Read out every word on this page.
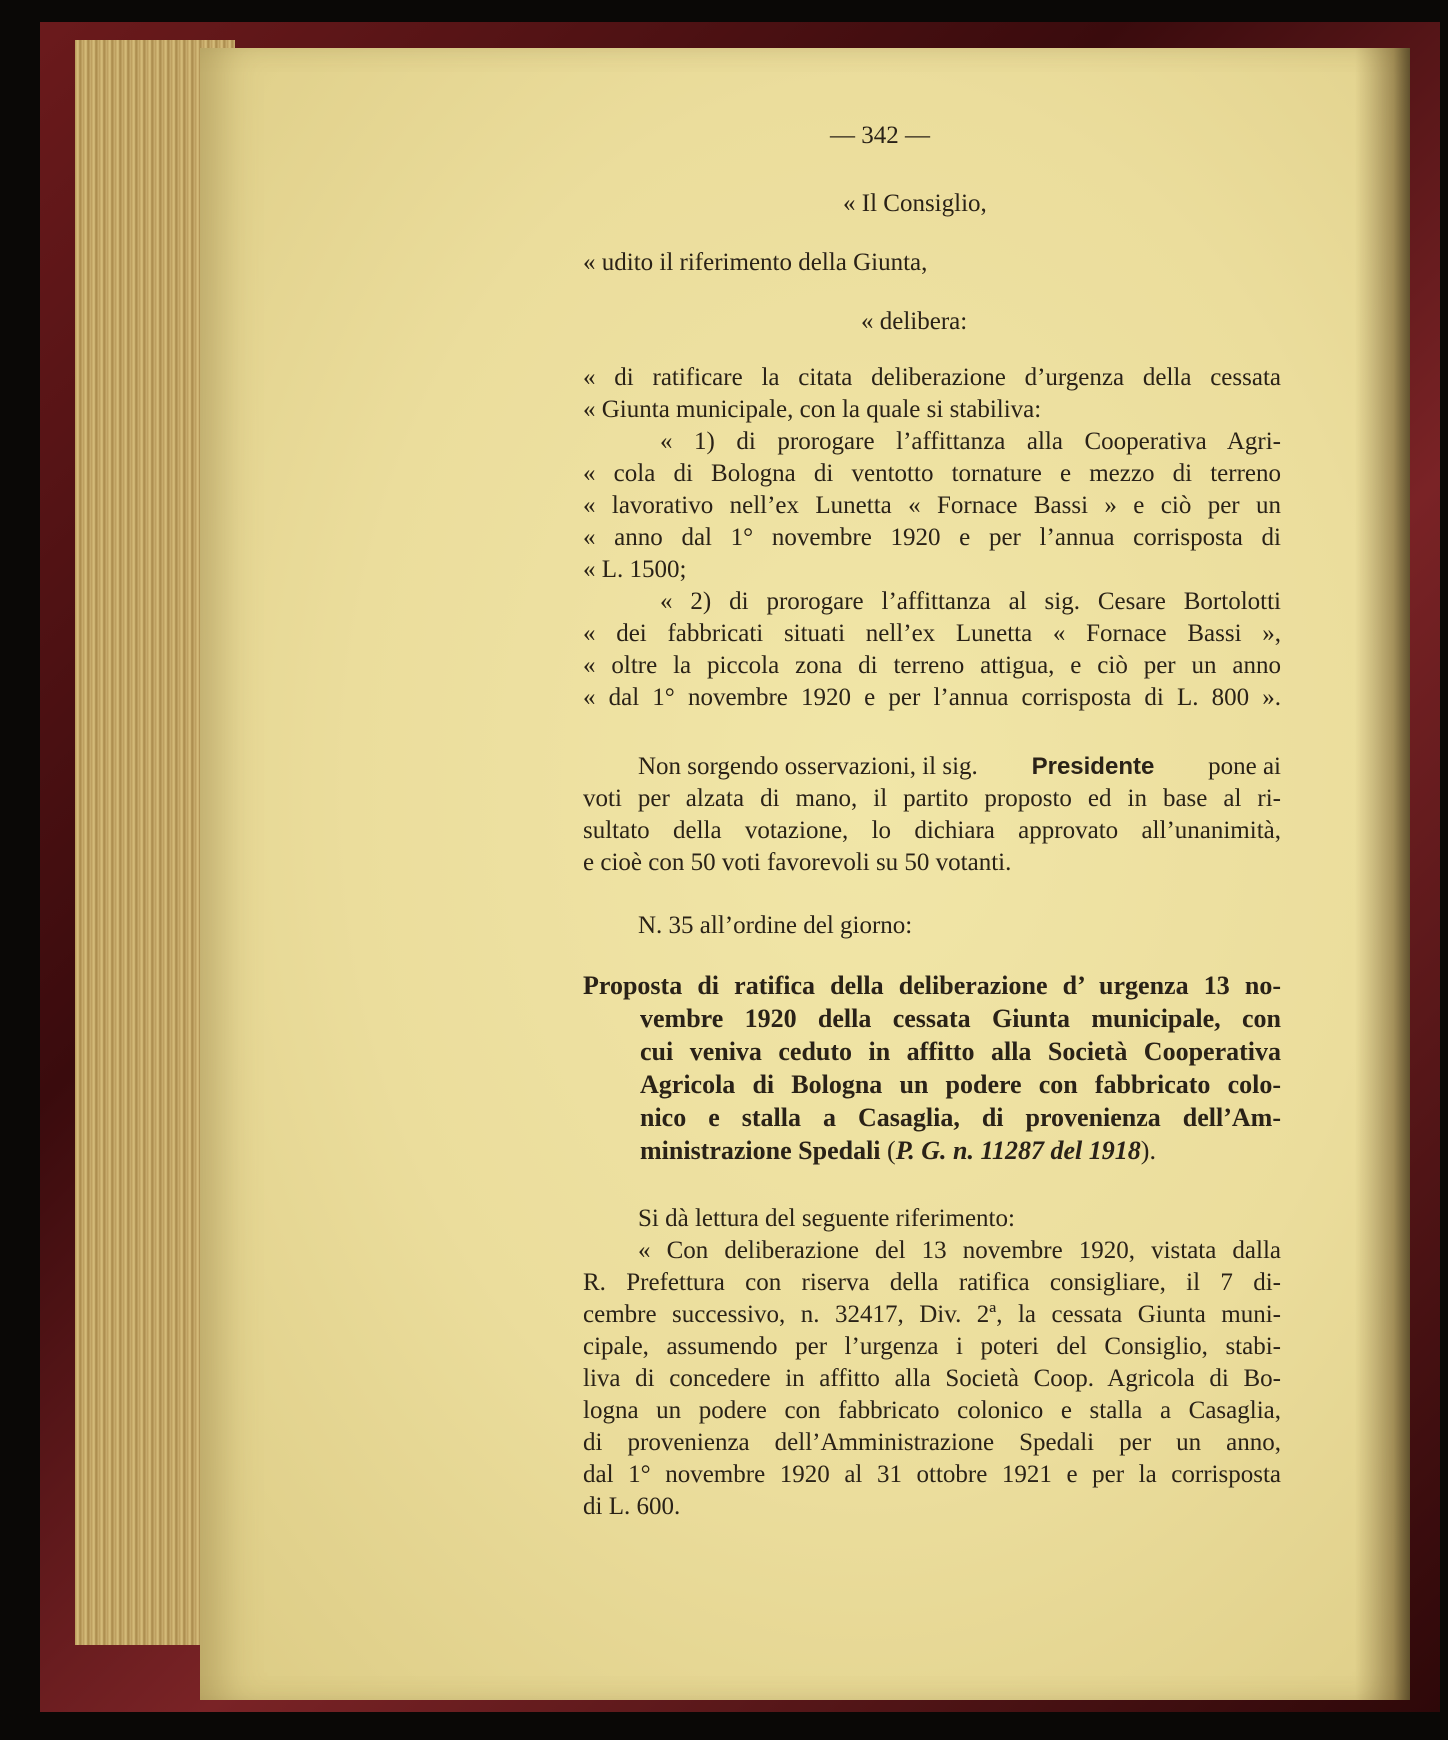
— 342 —
« Il Consiglio,
« udito il riferimento della Giunta,
« delibera:
« di ratificare la citata deliberazione d’urgenza della cessata
« Giunta municipale, con la quale si stabiliva:
« 1) di prorogare l’affittanza alla Cooperativa Agri-
« cola di Bologna di ventotto tornature e mezzo di terreno
« lavorativo nell’ex Lunetta « Fornace Bassi » e ciò per un
« anno dal 1° novembre 1920 e per l’annua corrisposta di
« L. 1500;
« 2) di prorogare l’affittanza al sig. Cesare Bortolotti
« dei fabbricati situati nell’ex Lunetta « Fornace Bassi »,
« oltre la piccola zona di terreno attigua, e ciò per un anno
« dal 1° novembre 1920 e per l’annua corrisposta di L. 800 ».
Non sorgendo osservazioni, il sig. Presidente pone ai
voti per alzata di mano, il partito proposto ed in base al ri-
sultato della votazione, lo dichiara approvato all’unanimità,
e cioè con 50 voti favorevoli su 50 votanti.
N. 35 all’ordine del giorno:
Proposta di ratifica della deliberazione d’ urgenza 13 no-
vembre 1920 della cessata Giunta municipale, con
cui veniva ceduto in affitto alla Società Cooperativa
Agricola di Bologna un podere con fabbricato colo-
nico e stalla a Casaglia, di provenienza dell’Am-
ministrazione Spedali (P. G. n. 11287 del 1918).
Si dà lettura del seguente riferimento:
« Con deliberazione del 13 novembre 1920, vistata dalla
R. Prefettura con riserva della ratifica consigliare, il 7 di-
cembre successivo, n. 32417, Div. 2ª, la cessata Giunta muni-
cipale, assumendo per l’urgenza i poteri del Consiglio, stabi-
liva di concedere in affitto alla Società Coop. Agricola di Bo-
logna un podere con fabbricato colonico e stalla a Casaglia,
di provenienza dell’Amministrazione Spedali per un anno,
dal 1° novembre 1920 al 31 ottobre 1921 e per la corrisposta
di L. 600.
